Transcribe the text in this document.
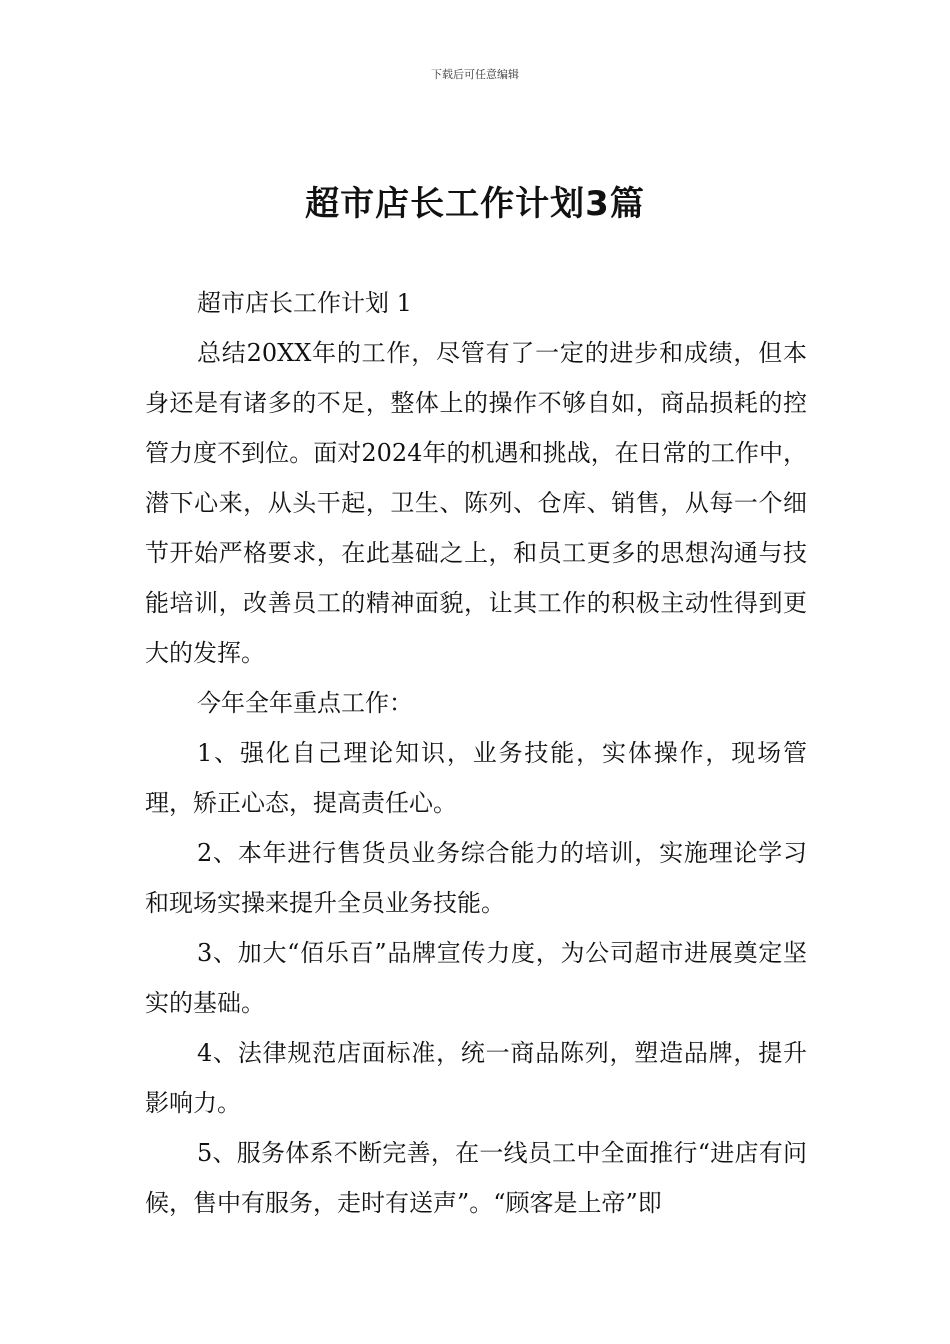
下载后可任意编辑
超市店长工作计划3篇

超市店长工作计划 1

总结20XX年的工作，尽管有了一定的进步和成绩，但本身还是有诸多的不足，整体上的操作不够自如，商品损耗的控管力度不到位。面对2024年的机遇和挑战，在日常的工作中，潜下心来，从头干起，卫生、陈列、仓库、销售，从每一个细节开始严格要求，在此基础之上，和员工更多的思想沟通与技能培训，改善员工的精神面貌，让其工作的积极主动性得到更大的发挥。

今年全年重点工作：

1、强化自己理论知识，业务技能，实体操作，现场管理，矫正心态，提高责任心。

2、本年进行售货员业务综合能力的培训，实施理论学习和现场实操来提升全员业务技能。

3、加大“佰乐百”品牌宣传力度，为公司超市进展奠定坚实的基础。

4、法律规范店面标准，统一商品陈列，塑造品牌，提升影响力。

5、服务体系不断完善，在一线员工中全面推行“进店有问候，售中有服务，走时有送声”。“顾客是上帝”即
